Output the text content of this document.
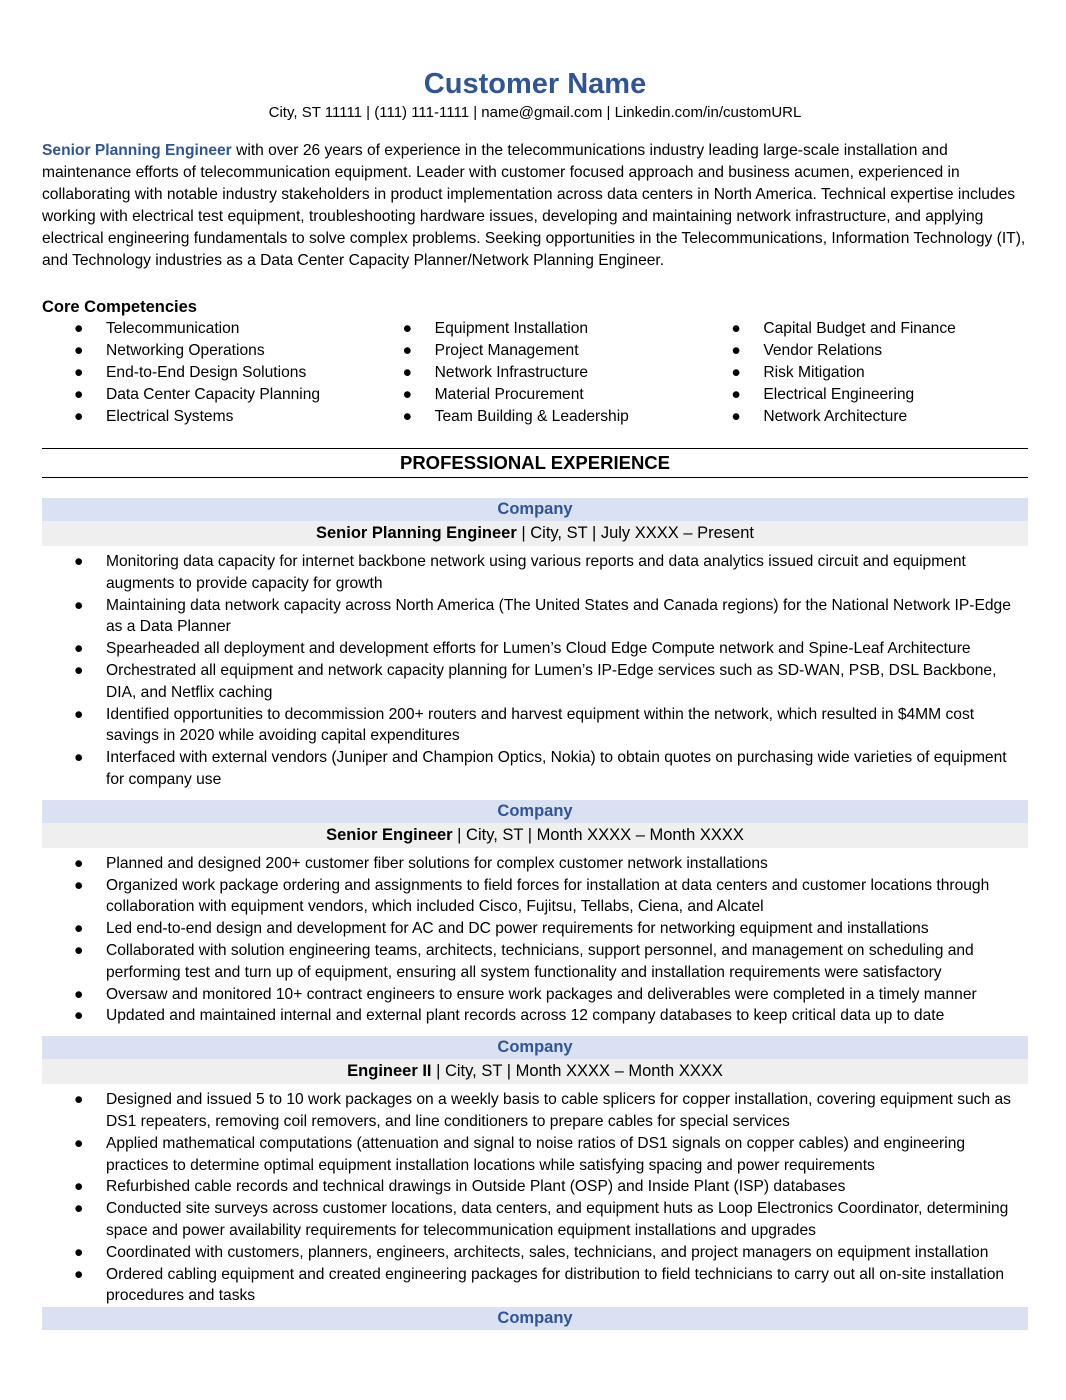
Customer Name
City, ST 11111 | (111) 111-1111 | name@gmail.com | Linkedin.com/in/customURL
Senior Planning Engineer with over 26 years of experience in the telecommunications industry leading large-scale installation and maintenance efforts of telecommunication equipment. Leader with customer focused approach and business acumen, experienced in collaborating with notable industry stakeholders in product implementation across data centers in North America. Technical expertise includes working with electrical test equipment, troubleshooting hardware issues, developing and maintaining network infrastructure, and applying electrical engineering fundamentals to solve complex problems. Seeking opportunities in the Telecommunications, Information Technology (IT), and Technology industries as a Data Center Capacity Planner/Network Planning Engineer.
Core Competencies
● Telecommunication
● Networking Operations
● End-to-End Design Solutions
● Data Center Capacity Planning
● Electrical Systems
● Equipment Installation
● Project Management
● Network Infrastructure
● Material Procurement
● Team Building & Leadership
● Capital Budget and Finance
● Vendor Relations
● Risk Mitigation
● Electrical Engineering
● Network Architecture
PROFESSIONAL EXPERIENCE
Company
Senior Planning Engineer | City, ST | July XXXX – Present
● Monitoring data capacity for internet backbone network using various reports and data analytics issued circuit and equipment augments to provide capacity for growth
● Maintaining data network capacity across North America (The United States and Canada regions) for the National Network IP-Edge as a Data Planner
● Spearheaded all deployment and development efforts for Lumen’s Cloud Edge Compute network and Spine-Leaf Architecture
● Orchestrated all equipment and network capacity planning for Lumen’s IP-Edge services such as SD-WAN, PSB, DSL Backbone, DIA, and Netflix caching
● Identified opportunities to decommission 200+ routers and harvest equipment within the network, which resulted in $4MM cost savings in 2020 while avoiding capital expenditures
● Interfaced with external vendors (Juniper and Champion Optics, Nokia) to obtain quotes on purchasing wide varieties of equipment for company use
Company
Senior Engineer | City, ST | Month XXXX – Month XXXX
● Planned and designed 200+ customer fiber solutions for complex customer network installations
● Organized work package ordering and assignments to field forces for installation at data centers and customer locations through collaboration with equipment vendors, which included Cisco, Fujitsu, Tellabs, Ciena, and Alcatel
● Led end-to-end design and development for AC and DC power requirements for networking equipment and installations
● Collaborated with solution engineering teams, architects, technicians, support personnel, and management on scheduling and performing test and turn up of equipment, ensuring all system functionality and installation requirements were satisfactory
● Oversaw and monitored 10+ contract engineers to ensure work packages and deliverables were completed in a timely manner
● Updated and maintained internal and external plant records across 12 company databases to keep critical data up to date
Company
Engineer II | City, ST | Month XXXX – Month XXXX
● Designed and issued 5 to 10 work packages on a weekly basis to cable splicers for copper installation, covering equipment such as DS1 repeaters, removing coil removers, and line conditioners to prepare cables for special services
● Applied mathematical computations (attenuation and signal to noise ratios of DS1 signals on copper cables) and engineering practices to determine optimal equipment installation locations while satisfying spacing and power requirements
● Refurbished cable records and technical drawings in Outside Plant (OSP) and Inside Plant (ISP) databases
● Conducted site surveys across customer locations, data centers, and equipment huts as Loop Electronics Coordinator, determining space and power availability requirements for telecommunication equipment installations and upgrades
● Coordinated with customers, planners, engineers, architects, sales, technicians, and project managers on equipment installation
● Ordered cabling equipment and created engineering packages for distribution to field technicians to carry out all on-site installation procedures and tasks
Company
